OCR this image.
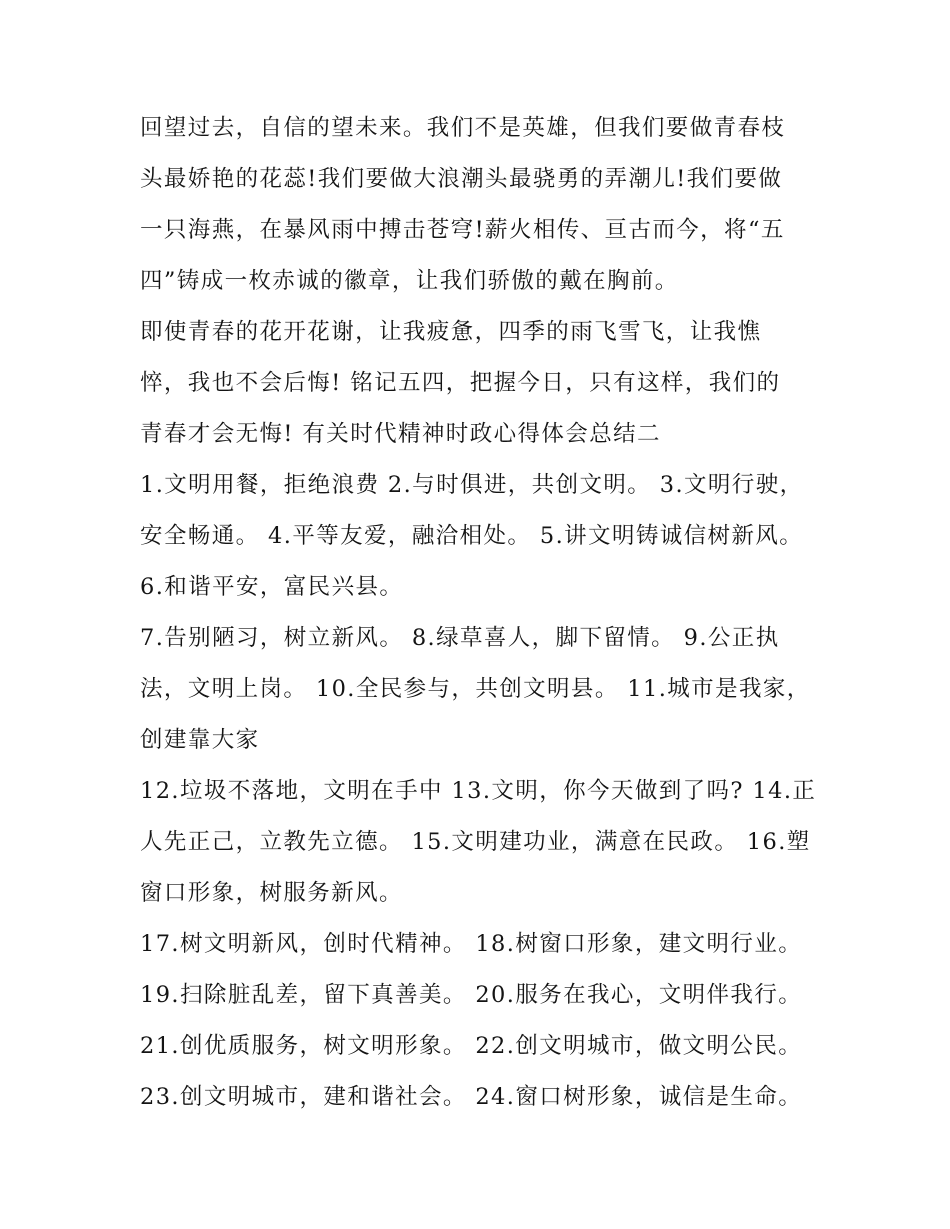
回望过去，自信的望未来。我们不是英雄，但我们要做青春枝
头最娇艳的花蕊!我们要做大浪潮头最骁勇的弄潮儿!我们要做
一只海燕，在暴风雨中搏击苍穹!薪火相传、亘古而今，将“五
四”铸成一枚赤诚的徽章，让我们骄傲的戴在胸前。
即使青春的花开花谢，让我疲惫，四季的雨飞雪飞，让我憔
悴，我也不会后悔! 铭记五四，把握今日，只有这样，我们的
青春才会无悔! 有关时代精神时政心得体会总结二
1.文明用餐，拒绝浪费 2.与时俱进，共创文明。 3.文明行驶，
安全畅通。 4.平等友爱，融洽相处。 5.讲文明铸诚信树新风。
6.和谐平安，富民兴县。
7.告别陋习，树立新风。 8.绿草喜人，脚下留情。 9.公正执
法，文明上岗。 10.全民参与，共创文明县。 11.城市是我家，
创建靠大家
12.垃圾不落地，文明在手中 13.文明，你今天做到了吗? 14.正
人先正己，立教先立德。 15.文明建功业，满意在民政。 16.塑
窗口形象，树服务新风。
17.树文明新风，创时代精神。 18.树窗口形象，建文明行业。
19.扫除脏乱差，留下真善美。 20.服务在我心，文明伴我行。
21.创优质服务，树文明形象。 22.创文明城市，做文明公民。
23.创文明城市，建和谐社会。 24.窗口树形象，诚信是生命。
